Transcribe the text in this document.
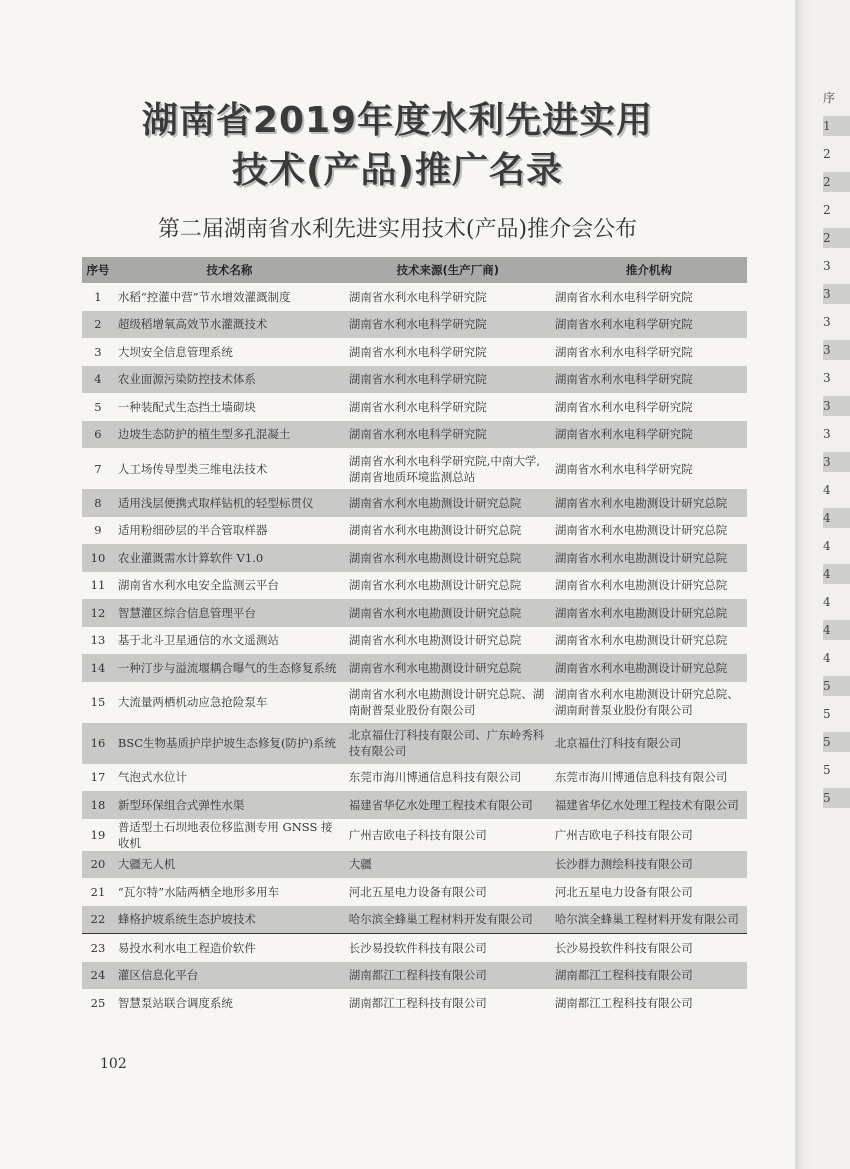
湖南省2019年度水利先进实用
技术(产品)推广名录
第二届湖南省水利先进实用技术(产品)推介会公布
序号	技术名称	技术来源(生产厂商)	推介机构
1	水稻“控灌中营”节水增效灌溉制度	湖南省水利水电科学研究院	湖南省水利水电科学研究院
2	超级稻增氧高效节水灌溉技术	湖南省水利水电科学研究院	湖南省水利水电科学研究院
3	大坝安全信息管理系统	湖南省水利水电科学研究院	湖南省水利水电科学研究院
4	农业面源污染防控技术体系	湖南省水利水电科学研究院	湖南省水利水电科学研究院
5	一种装配式生态挡土墙砌块	湖南省水利水电科学研究院	湖南省水利水电科学研究院
6	边坡生态防护的植生型多孔混凝土	湖南省水利水电科学研究院	湖南省水利水电科学研究院
7	人工场传导型类三维电法技术	湖南省水利水电科学研究院,中南大学,湖南省地质环境监测总站	湖南省水利水电科学研究院
8	适用浅层便携式取样钻机的轻型标贯仪	湖南省水利水电勘测设计研究总院	湖南省水利水电勘测设计研究总院
9	适用粉细砂层的半合管取样器	湖南省水利水电勘测设计研究总院	湖南省水利水电勘测设计研究总院
10	农业灌溉需水计算软件 V1.0	湖南省水利水电勘测设计研究总院	湖南省水利水电勘测设计研究总院
11	湖南省水利水电安全监测云平台	湖南省水利水电勘测设计研究总院	湖南省水利水电勘测设计研究总院
12	智慧灌区综合信息管理平台	湖南省水利水电勘测设计研究总院	湖南省水利水电勘测设计研究总院
13	基于北斗卫星通信的水文遥测站	湖南省水利水电勘测设计研究总院	湖南省水利水电勘测设计研究总院
14	一种汀步与溢流堰耦合曝气的生态修复系统	湖南省水利水电勘测设计研究总院	湖南省水利水电勘测设计研究总院
15	大流量两栖机动应急抢险泵车	湖南省水利水电勘测设计研究总院、湖南耐普泵业股份有限公司	湖南省水利水电勘测设计研究总院、湖南耐普泵业股份有限公司
16	BSC生物基质护岸护坡生态修复(防护)系统	北京福仕汀科技有限公司、广东岭秀科技有限公司	北京福仕汀科技有限公司
17	气泡式水位计	东莞市海川博通信息科技有限公司	东莞市海川博通信息科技有限公司
18	新型环保组合式弹性水渠	福建省华亿水处理工程技术有限公司	福建省华亿水处理工程技术有限公司
19	普适型土石坝地表位移监测专用 GNSS 接收机	广州吉欧电子科技有限公司	广州吉欧电子科技有限公司
20	大疆无人机	大疆	长沙群力测绘科技有限公司
21	“瓦尔特”水陆两栖全地形多用车	河北五星电力设备有限公司	河北五星电力设备有限公司
22	蜂格护坡系统生态护坡技术	哈尔滨全蜂巢工程材料开发有限公司	哈尔滨全蜂巢工程材料开发有限公司
23	易投水利水电工程造价软件	长沙易投软件科技有限公司	长沙易投软件科技有限公司
24	灌区信息化平台	湖南都江工程科技有限公司	湖南都江工程科技有限公司
25	智慧泵站联合调度系统	湖南都江工程科技有限公司	湖南都江工程科技有限公司
102
序
1
2
2
2
2
3
3
3
3
3
3
3
3
4
4
4
4
4
4
4
5
5
5
5
5
